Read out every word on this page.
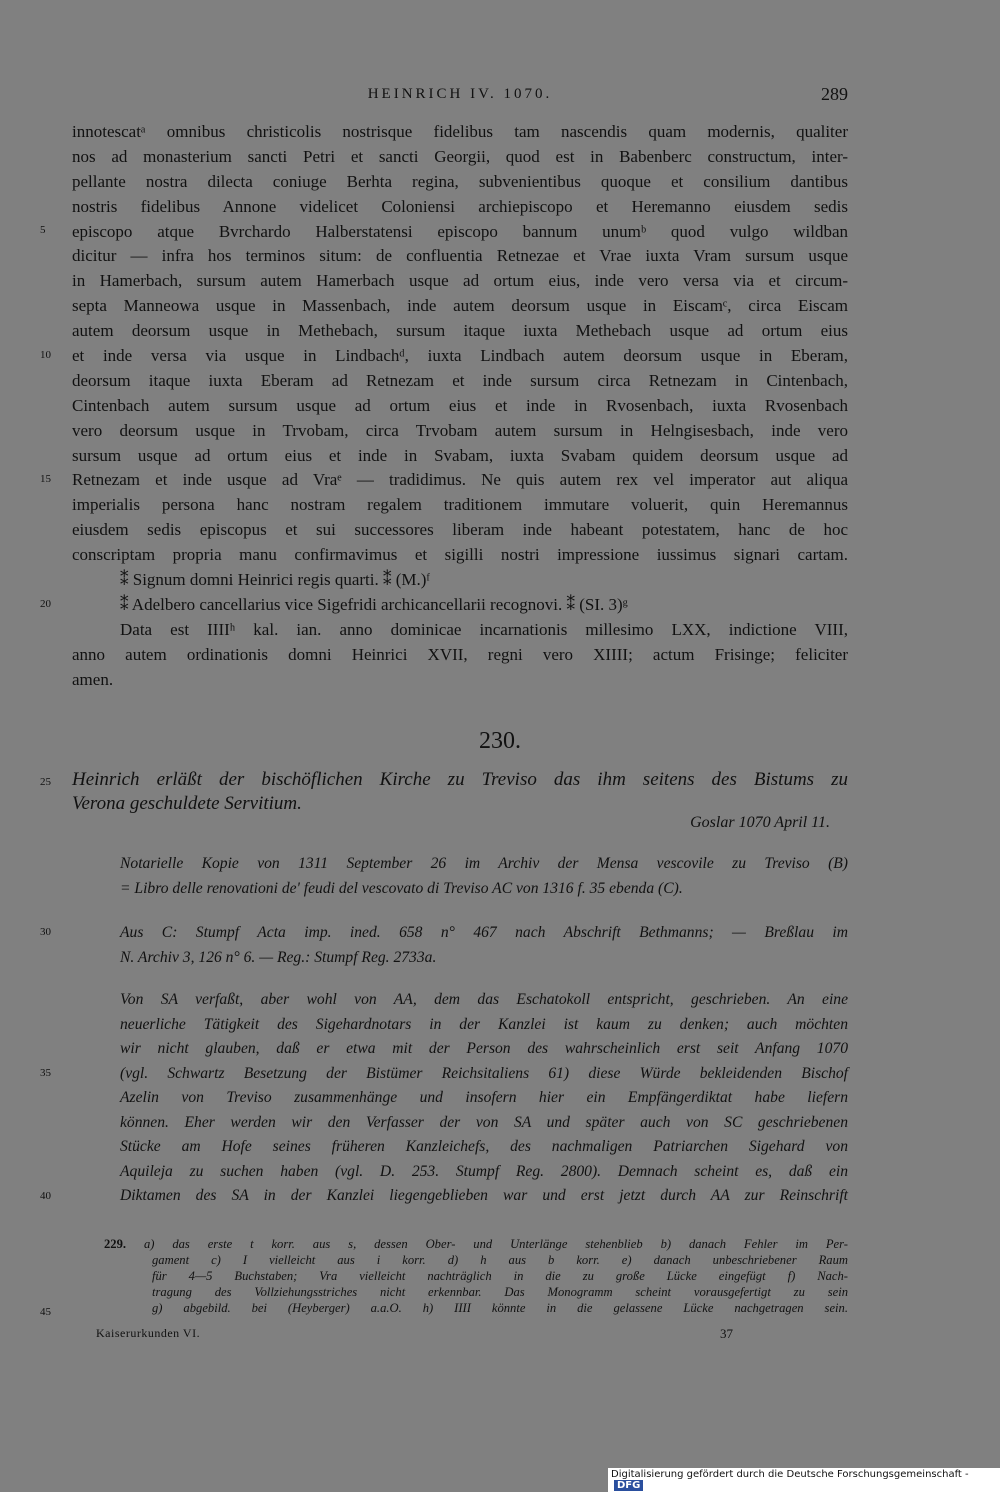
HEINRICH IV. 1070.	289
innotescatᵃ omnibus christicolis nostrisque fidelibus tam nascendis quam modernis, qualiter
nos ad monasterium sancti Petri et sancti Georgii, quod est in Babenberc constructum, inter-
pellante nostra dilecta coniuge Berhta regina, subvenientibus quoque et consilium dantibus
nostris fidelibus Annone videlicet Coloniensi archiepiscopo et Heremanno eiusdem sedis
episcopo atque Bvrchardo Halberstatensi episcopo bannum unumᵇ quod vulgo wildban
dicitur — infra hos terminos situm: de confluentia Retnezae et Vrae iuxta Vram sursum usque
in Hamerbach, sursum autem Hamerbach usque ad ortum eius, inde vero versa via et circum-
septa Manneowa usque in Massenbach, inde autem deorsum usque in Eiscamᶜ, circa Eiscam
autem deorsum usque in Methebach, sursum itaque iuxta Methebach usque ad ortum eius
et inde versa via usque in Lindbachᵈ, iuxta Lindbach autem deorsum usque in Eberam,
deorsum itaque iuxta Eberam ad Retnezam et inde sursum circa Retnezam in Cintenbach,
Cintenbach autem sursum usque ad ortum eius et inde in Rvosenbach, iuxta Rvosenbach
vero deorsum usque in Trvobam, circa Trvobam autem sursum in Helngisesbach, inde vero
sursum usque ad ortum eius et inde in Svabam, iuxta Svabam quidem deorsum usque ad
Retnezam et inde usque ad Vraᵉ — tradidimus. Ne quis autem rex vel imperator aut aliqua
imperialis persona hanc nostram regalem traditionem immutare voluerit, quin Heremannus
eiusdem sedis episcopus et sui successores liberam inde habeant potestatem, hanc de hoc
conscriptam propria manu confirmavimus et sigilli nostri impressione iussimus signari cartam.
⁑ Signum domni Heinrici regis quarti. ⁑ (M.)ᶠ
⁑ Adelbero cancellarius vice Sigefridi archicancellarii recognovi. ⁑ (SI. 3)ᵍ
Data est IIIIʰ kal. ian. anno dominicae incarnationis millesimo LXX, indictione VIII,
anno autem ordinationis domni Heinrici XVII, regni vero XIIII; actum Frisinge; feliciter
amen.
230.
Heinrich erläßt der bischöflichen Kirche zu Treviso das ihm seitens des Bistums zu
Verona geschuldete Servitium.
Goslar 1070 April 11.
Notarielle Kopie von 1311 September 26 im Archiv der Mensa vescovile zu Treviso (B)
= Libro delle renovationi de' feudi del vescovato di Treviso AC von 1316 f. 35 ebenda (C).
Aus C: Stumpf Acta imp. ined. 658 n° 467 nach Abschrift Bethmanns; — Breßlau im
N. Archiv 3, 126 n° 6. — Reg.: Stumpf Reg. 2733a.
Von SA verfaßt, aber wohl von AA, dem das Eschatokoll entspricht, geschrieben. An eine
neuerliche Tätigkeit des Sigehardnotars in der Kanzlei ist kaum zu denken; auch möchten
wir nicht glauben, daß er etwa mit der Person des wahrscheinlich erst seit Anfang 1070
(vgl. Schwartz Besetzung der Bistümer Reichsitaliens 61) diese Würde bekleidenden Bischof
Azelin von Treviso zusammenhänge und insofern hier ein Empfängerdiktat habe liefern
können. Eher werden wir den Verfasser der von SA und später auch von SC geschriebenen
Stücke am Hofe seines früheren Kanzleichefs, des nachmaligen Patriarchen Sigehard von
Aquileja zu suchen haben (vgl. D. 253. Stumpf Reg. 2800). Demnach scheint es, daß ein
Diktamen des SA in der Kanzlei liegengeblieben war und erst jetzt durch AA zur Reinschrift
229. a) das erste t korr. aus s, dessen Ober- und Unterlänge stehenblieb b) danach Fehler im Per-
gament c) I vielleicht aus i korr. d) h aus b korr. e) danach unbeschriebener Raum
für 4—5 Buchstaben; Vra vielleicht nachträglich in die zu große Lücke eingefügt f) Nach-
tragung des Vollziehungsstriches nicht erkennbar. Das Monogramm scheint vorausgefertigt zu sein
g) abgebild. bei (Heyberger) a.a.O. h) IIII könnte in die gelassene Lücke nachgetragen sein.
5
10
15
20
25
30
35
40
45
Kaiserurkunden VI.	37
Digitalisierung gefördert durch die Deutsche Forschungsgemeinschaft -DFG
